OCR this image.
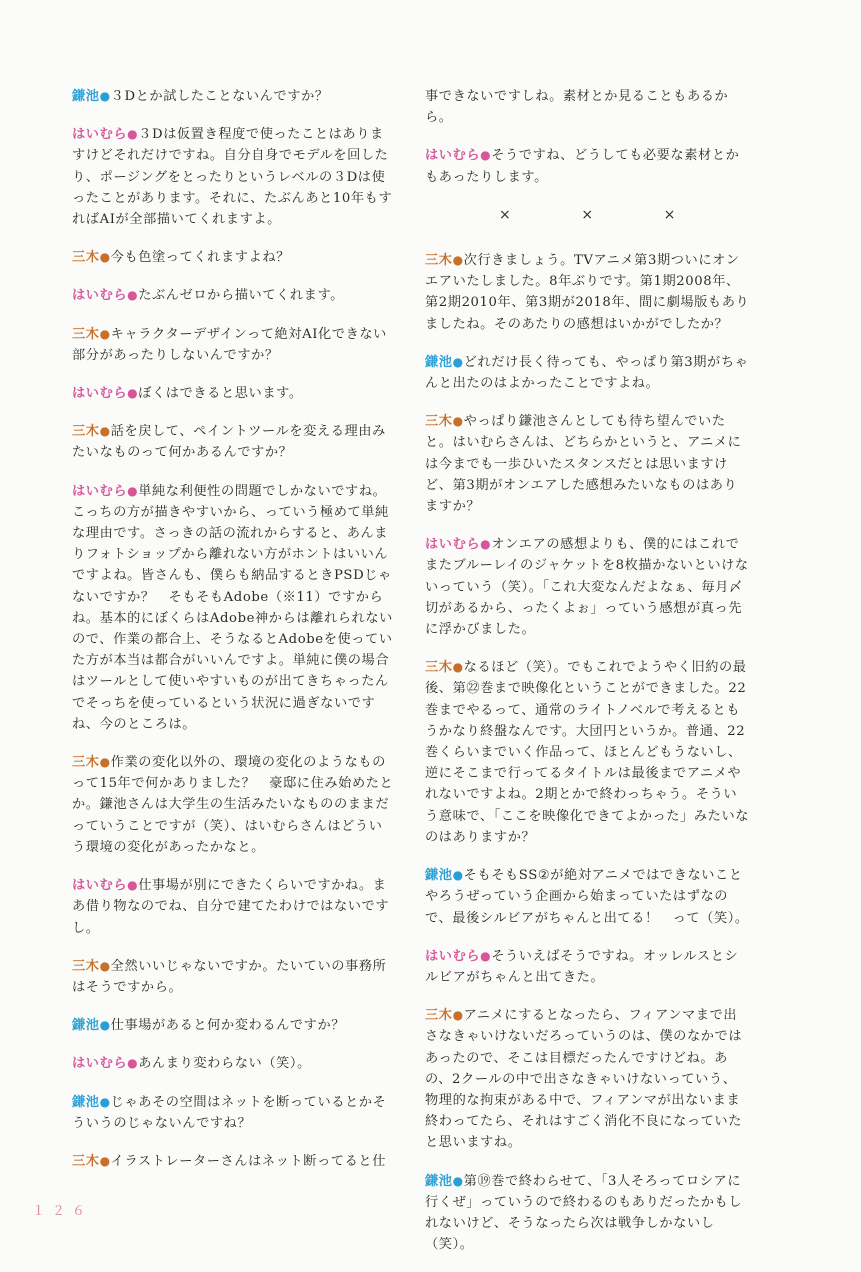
鎌池●３Dとか試したことないんですか？

はいむら●３Dは仮置き程度で使ったことはありますけどそれだけですね。自分自身でモデルを回したり、ポージングをとったりというレベルの３Dは使ったことがあります。それに、たぶんあと10年もすればAIが全部描いてくれますよ。

三木●今も色塗ってくれますよね？

はいむら●たぶんゼロから描いてくれます。

三木●キャラクターデザインって絶対AI化できない部分があったりしないんですか？

はいむら●ぼくはできると思います。

三木●話を戻して、ペイントツールを変える理由みたいなものって何かあるんですか？

はいむら●単純な利便性の問題でしかないですね。こっちの方が描きやすいから、っていう極めて単純な理由です。さっきの話の流れからすると、あんまりフォトショップから離れない方がホントはいいんですよね。皆さんも、僕らも納品するときPSDじゃないですか？　そもそもAdobe（※11）ですからね。基本的にぼくらはAdobe神からは離れられないので、作業の都合上、そうなるとAdobeを使っていた方が本当は都合がいいんですよ。単純に僕の場合はツールとして使いやすいものが出てきちゃったんでそっちを使っているという状況に過ぎないですね、今のところは。

三木●作業の変化以外の、環境の変化のようなものって15年で何かありました？　豪邸に住み始めたとか。鎌池さんは大学生の生活みたいなもののままだっていうことですが（笑）、はいむらさんはどういう環境の変化があったかなと。

はいむら●仕事場が別にできたくらいですかね。まあ借り物なのでね、自分で建てたわけではないですし。

三木●全然いいじゃないですか。たいていの事務所はそうですから。

鎌池●仕事場があると何か変わるんですか？

はいむら●あんまり変わらない（笑）。

鎌池●じゃあその空間はネットを断っているとかそういうのじゃないんですね？

三木●イラストレーターさんはネット断ってると仕

事できないですしね。素材とか見ることもあるから。

はいむら●そうですね、どうしても必要な素材とかもあったりします。

×	×	×

三木●次行きましょう。TVアニメ第3期ついにオンエアいたしました。8年ぶりです。第1期2008年、第2期2010年、第3期が2018年、間に劇場版もありましたね。そのあたりの感想はいかがでしたか？

鎌池●どれだけ長く待っても、やっぱり第3期がちゃんと出たのはよかったことですよね。

三木●やっぱり鎌池さんとしても待ち望んでいたと。はいむらさんは、どちらかというと、アニメには今までも一歩ひいたスタンスだとは思いますけど、第3期がオンエアした感想みたいなものはありますか？

はいむら●オンエアの感想よりも、僕的にはこれでまたブルーレイのジャケットを8枚描かないといけないっていう（笑）。「これ大変なんだよなぁ、毎月〆切があるから、ったくよぉ」っていう感想が真っ先に浮かびました。

三木●なるほど（笑）。でもこれでようやく旧約の最後、第㉒巻まで映像化ということができました。22巻までやるって、通常のライトノベルで考えるともうかなり終盤なんです。大団円というか。普通、22巻くらいまでいく作品って、ほとんどもうないし、逆にそこまで行ってるタイトルは最後までアニメやれないですよね。2期とかで終わっちゃう。そういう意味で、「ここを映像化できてよかった」みたいなのはありますか？

鎌池●そもそもSS②が絶対アニメではできないことやろうぜっていう企画から始まっていたはずなので、最後シルビアがちゃんと出てる！　って（笑）。

はいむら●そういえばそうですね。オッレルスとシルビアがちゃんと出てきた。

三木●アニメにするとなったら、フィアンマまで出さなきゃいけないだろっていうのは、僕のなかではあったので、そこは目標だったんですけどね。あの、2クールの中で出さなきゃいけないっていう、物理的な拘束がある中で、フィアンマが出ないまま終わってたら、それはすごく消化不良になっていたと思いますね。

鎌池●第⑲巻で終わらせて、「3人そろってロシアに行くぜ」っていうので終わるのもありだったかもしれないけど、そうなったら次は戦争しかないし（笑）。

１２６
